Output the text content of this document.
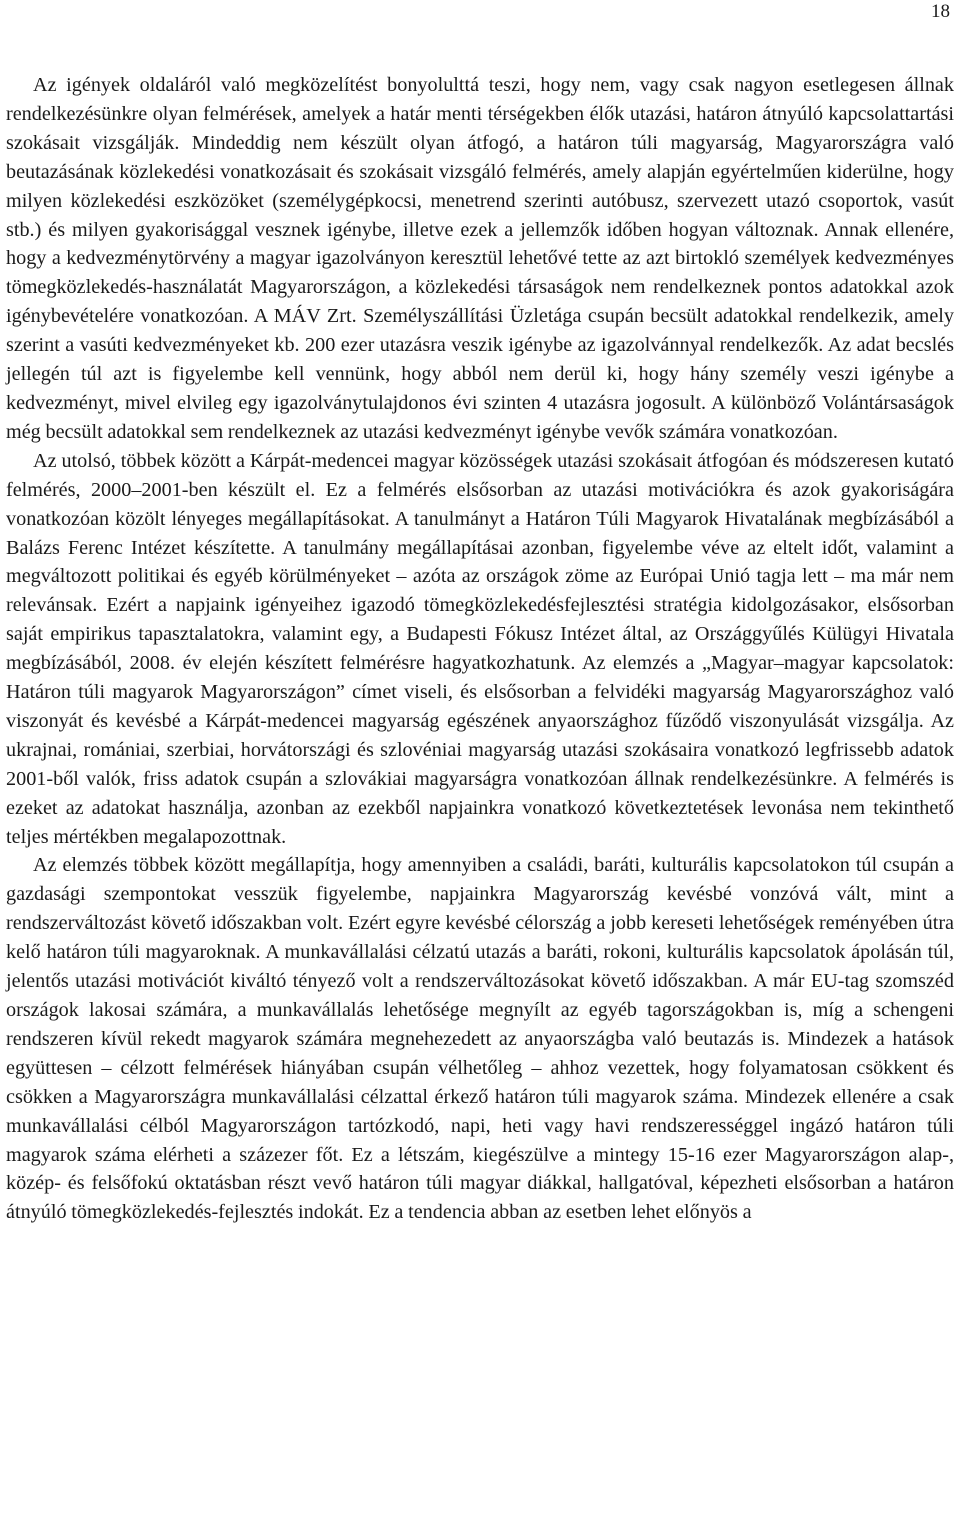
18

Az igények oldaláról való megközelítést bonyolulttá teszi, hogy nem, vagy csak nagyon esetlegesen állnak rendelkezésünkre olyan felmérések, amelyek a határ menti térségekben élők utazási, határon átnyúló kapcsolattartási szokásait vizsgálják. Mindeddig nem készült olyan átfogó, a határon túli magyarság, Magyarországra való beutazásának közlekedési vonatkozásait és szokásait vizsgáló felmérés, amely alapján egyértelműen kiderülne, hogy milyen közlekedési eszközöket (személygépkocsi, menetrend szerinti autóbusz, szervezett utazó csoportok, vasút stb.) és milyen gyakorisággal vesznek igénybe, illetve ezek a jellemzők időben hogyan változnak. Annak ellenére, hogy a kedvezménytörvény a magyar igazolványon keresztül lehetővé tette az azt birtokló személyek kedvezményes tömegközlekedés-használatát Magyarországon, a közlekedési társaságok nem rendelkeznek pontos adatokkal azok igénybevételére vonatkozóan. A MÁV Zrt. Személyszállítási Üzletága csupán becsült adatokkal rendelkezik, amely szerint a vasúti kedvezményeket kb. 200 ezer utazásra veszik igénybe az igazolvánnyal rendelkezők. Az adat becslés jellegén túl azt is figyelembe kell vennünk, hogy abból nem derül ki, hogy hány személy veszi igénybe a kedvezményt, mivel elvileg egy igazolványtulajdonos évi szinten 4 utazásra jogosult. A különböző Volántársaságok még becsült adatokkal sem rendelkeznek az utazási kedvezményt igénybe vevők számára vonatkozóan.

Az utolsó, többek között a Kárpát-medencei magyar közösségek utazási szokásait átfogóan és módszeresen kutató felmérés, 2000–2001-ben készült el. Ez a felmérés elsősorban az utazási motivációkra és azok gyakoriságára vonatkozóan közölt lényeges megállapításokat. A tanulmányt a Határon Túli Magyarok Hivatalának megbízásából a Balázs Ferenc Intézet készítette. A tanulmány megállapításai azonban, figyelembe véve az eltelt időt, valamint a megváltozott politikai és egyéb körülményeket – azóta az országok zöme az Európai Unió tagja lett – ma már nem relevánsak. Ezért a napjaink igényeihez igazodó tömegközlekedésfejlesztési stratégia kidolgozásakor, elsősorban saját empirikus tapasztalatokra, valamint egy, a Budapesti Fókusz Intézet által, az Országgyűlés Külügyi Hivatala megbízásából, 2008. év elején készített felmérésre hagyatkozhatunk. Az elemzés a „Magyar–magyar kapcsolatok: Határon túli magyarok Magyarországon” címet viseli, és elsősorban a felvidéki magyarság Magyarországhoz való viszonyát és kevésbé a Kárpát-medencei magyarság egészének anyaországhoz fűződő viszonyulását vizsgálja. Az ukrajnai, romániai, szerbiai, horvátországi és szlovéniai magyarság utazási szokásaira vonatkozó legfrissebb adatok 2001-ből valók, friss adatok csupán a szlovákiai magyarságra vonatkozóan állnak rendelkezésünkre. A felmérés is ezeket az adatokat használja, azonban az ezekből napjainkra vonatkozó következtetések levonása nem tekinthető teljes mértékben megalapozottnak.

Az elemzés többek között megállapítja, hogy amennyiben a családi, baráti, kulturális kapcsolatokon túl csupán a gazdasági szempontokat vesszük figyelembe, napjainkra Magyarország kevésbé vonzóvá vált, mint a rendszerváltozást követő időszakban volt. Ezért egyre kevésbé célország a jobb kereseti lehetőségek reményében útra kelő határon túli magyaroknak. A munkavállalási célzatú utazás a baráti, rokoni, kulturális kapcsolatok ápolásán túl, jelentős utazási motivációt kiváltó tényező volt a rendszerváltozásokat követő időszakban. A már EU-tag szomszéd országok lakosai számára, a munkavállalás lehetősége megnyílt az egyéb tagországokban is, míg a schengeni rendszeren kívül rekedt magyarok számára megnehezedett az anyaországba való beutazás is. Mindezek a hatások együttesen – célzott felmérések hiányában csupán vélhetőleg – ahhoz vezettek, hogy folyamatosan csökkent és csökken a Magyarországra munkavállalási célzattal érkező határon túli magyarok száma. Mindezek ellenére a csak munkavállalási célból Magyarországon tartózkodó, napi, heti vagy havi rendszerességgel ingázó határon túli magyarok száma elérheti a százezer főt. Ez a létszám, kiegészülve a mintegy 15-16 ezer Magyarországon alap-, közép- és felsőfokú oktatásban részt vevő határon túli magyar diákkal, hallgatóval, képezheti elsősorban a határon átnyúló tömegközlekedés-fejlesztés indokát. Ez a tendencia abban az esetben lehet előnyös a
